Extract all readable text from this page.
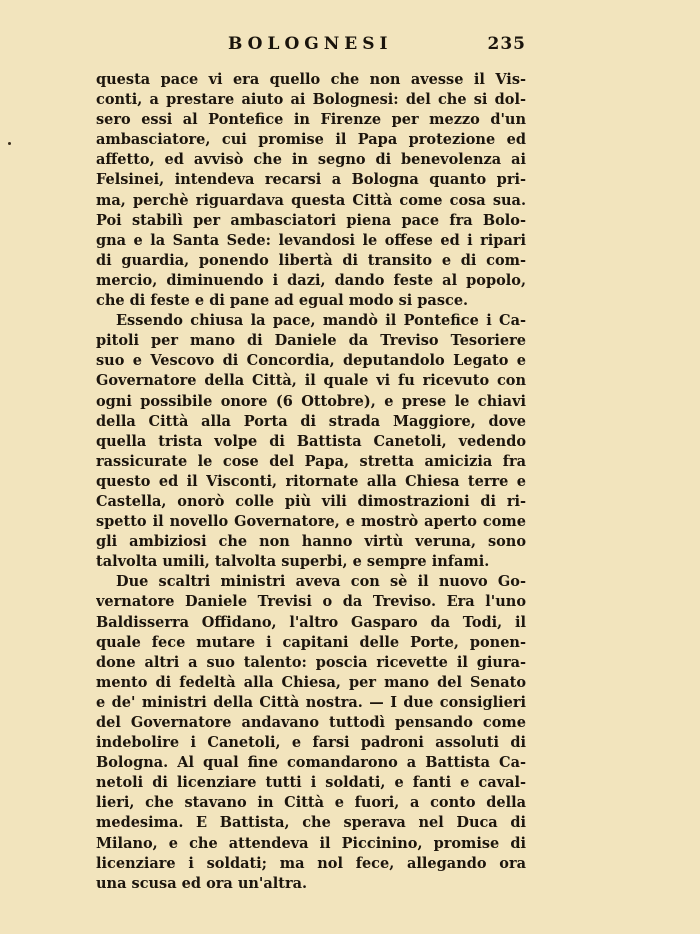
BOLOGNESI	235
questa pace vi era quello che non avesse il Vis-
conti, a prestare aiuto ai Bolognesi: del che si dol-
sero essi al Pontefice in Firenze per mezzo d'un
ambasciatore, cui promise il Papa protezione ed
affetto, ed avvisò che in segno di benevolenza ai
Felsinei, intendeva recarsi a Bologna quanto pri-
ma, perchè riguardava questa Città come cosa sua.
Poi stabilì per ambasciatori piena pace fra Bolo-
gna e la Santa Sede: levandosi le offese ed i ripari
di guardia, ponendo libertà di transito e di com-
mercio, diminuendo i dazi, dando feste al popolo,
che di feste e di pane ad egual modo si pasce.
Essendo chiusa la pace, mandò il Pontefice i Ca-
pitoli per mano di Daniele da Treviso Tesoriere
suo e Vescovo di Concordia, deputandolo Legato e
Governatore della Città, il quale vi fu ricevuto con
ogni possibile onore (6 Ottobre), e prese le chiavi
della Città alla Porta di strada Maggiore, dove
quella trista volpe di Battista Canetoli, vedendo
rassicurate le cose del Papa, stretta amicizia fra
questo ed il Visconti, ritornate alla Chiesa terre e
Castella, onorò colle più vili dimostrazioni di ri-
spetto il novello Governatore, e mostrò aperto come
gli ambiziosi che non hanno virtù veruna, sono
talvolta umili, talvolta superbi, e sempre infami.
Due scaltri ministri aveva con sè il nuovo Go-
vernatore Daniele Trevisi o da Treviso. Era l'uno
Baldisserra Offidano, l'altro Gasparo da Todi, il
quale fece mutare i capitani delle Porte, ponen-
done altri a suo talento: poscia ricevette il giura-
mento di fedeltà alla Chiesa, per mano del Senato
e de' ministri della Città nostra. — I due consiglieri
del Governatore andavano tuttodì pensando come
indebolire i Canetoli, e farsi padroni assoluti di
Bologna. Al qual fine comandarono a Battista Ca-
netoli di licenziare tutti i soldati, e fanti e caval-
lieri, che stavano in Città e fuori, a conto della
medesima. E Battista, che sperava nel Duca di
Milano, e che attendeva il Piccinino, promise di
licenziare i soldati; ma nol fece, allegando ora
una scusa ed ora un'altra.
